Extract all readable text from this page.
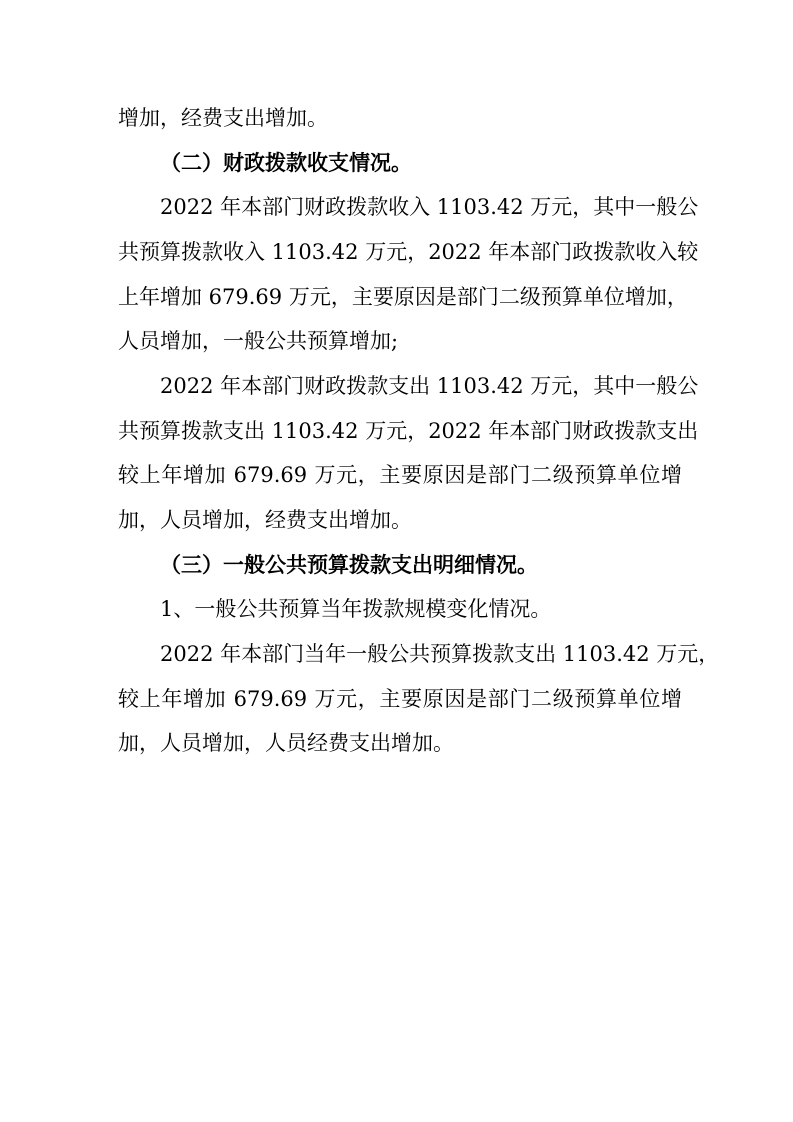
增加，经费支出增加。
（二）财政拨款收支情况。
2022 年本部门财政拨款收入 1103.42 万元，其中一般公
共预算拨款收入 1103.42 万元，2022 年本部门政拨款收入较
上年增加 679.69 万元，主要原因是部门二级预算单位增加，
人员增加，一般公共预算增加;
2022 年本部门财政拨款支出 1103.42 万元，其中一般公
共预算拨款支出 1103.42 万元，2022 年本部门财政拨款支出
较上年增加 679.69 万元，主要原因是部门二级预算单位增
加，人员增加，经费支出增加。
（三）一般公共预算拨款支出明细情况。
1、一般公共预算当年拨款规模变化情况。
2022 年本部门当年一般公共预算拨款支出 1103.42 万元，
较上年增加 679.69 万元，主要原因是部门二级预算单位增
加，人员增加，人员经费支出增加。
